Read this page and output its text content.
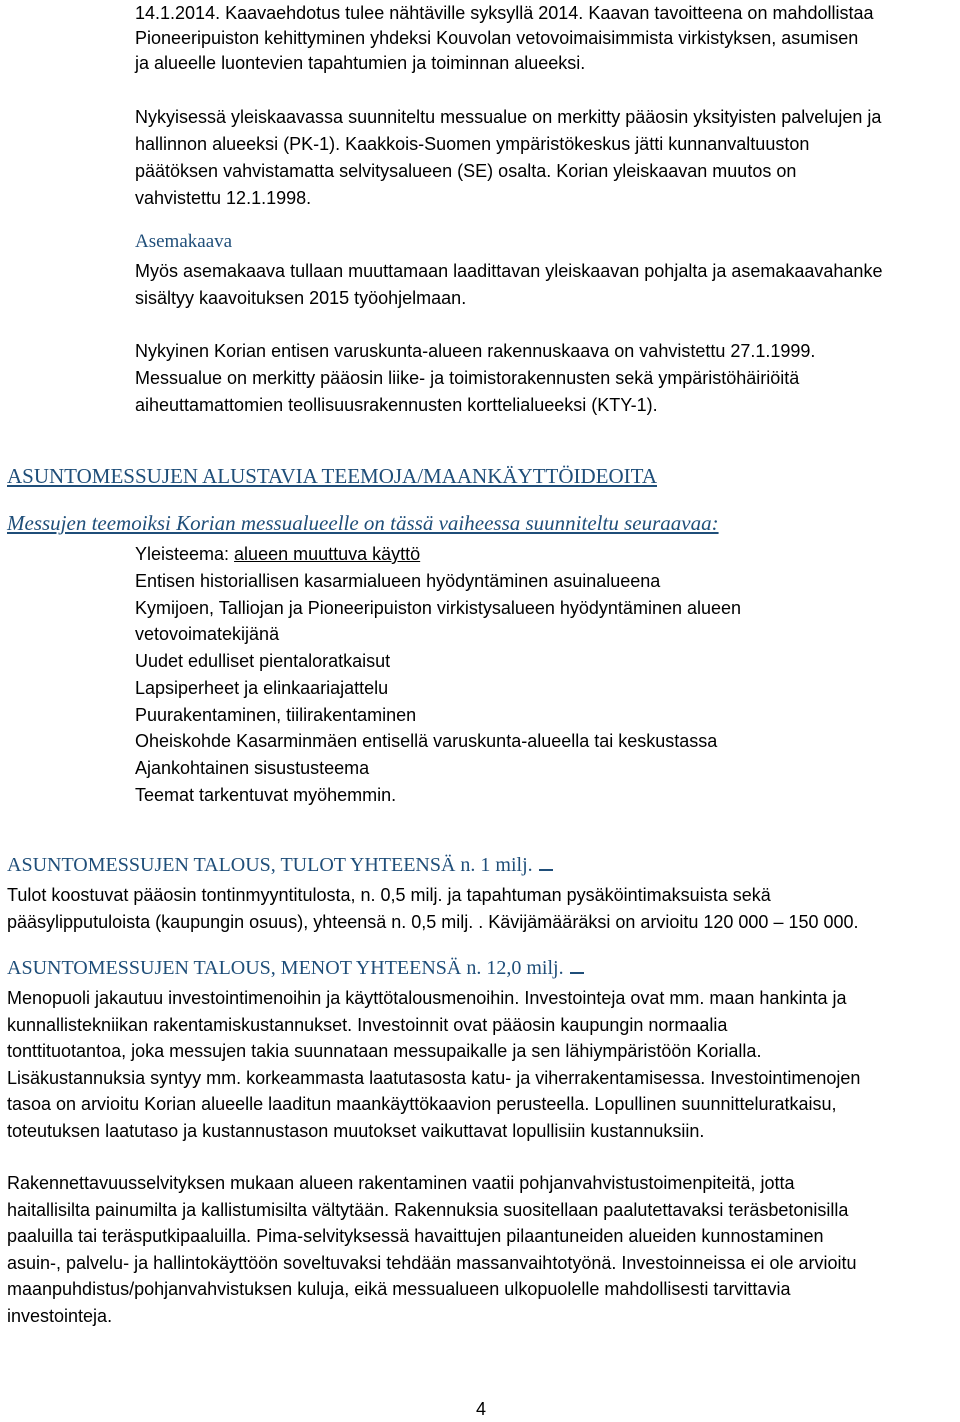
14.1.2014. Kaavaehdotus tulee nähtäville syksyllä 2014. Kaavan tavoitteena on mahdollistaa
Pioneeripuiston kehittyminen yhdeksi Kouvolan vetovoimaisimmista virkistyksen, asumisen
ja alueelle luontevien tapahtumien ja toiminnan alueeksi.
Nykyisessä yleiskaavassa suunniteltu messualue on merkitty pääosin yksityisten palvelujen ja
hallinnon alueeksi (PK-1). Kaakkois-Suomen ympäristökeskus jätti kunnanvaltuuston
päätöksen vahvistamatta selvitysalueen (SE) osalta. Korian yleiskaavan muutos on
vahvistettu 12.1.1998.
Asemakaava
Myös asemakaava tullaan muuttamaan laadittavan yleiskaavan pohjalta ja asemakaavahanke
sisältyy kaavoituksen 2015 työohjelmaan.
Nykyinen Korian entisen varuskunta-alueen rakennuskaava on vahvistettu 27.1.1999.
Messualue on merkitty pääosin liike- ja toimistorakennusten sekä ympäristöhäiriöitä
aiheuttamattomien teollisuusrakennusten korttelialueeksi (KTY-1).
ASUNTOMESSUJEN ALUSTAVIA TEEMOJA/MAANKÄYTTÖIDEOITA
Messujen teemoiksi Korian messualueelle on tässä vaiheessa suunniteltu seuraavaa:
Yleisteema: alueen muuttuva käyttö
Entisen historiallisen kasarmialueen hyödyntäminen asuinalueena
Kymijoen, Talliojan ja Pioneeripuiston virkistysalueen hyödyntäminen alueen
vetovoimatekijänä
Uudet edulliset pientaloratkaisut
Lapsiperheet ja elinkaariajattelu
Puurakentaminen, tiilirakentaminen
Oheiskohde Kasarminmäen entisellä varuskunta-alueella tai keskustassa
Ajankohtainen sisustusteema
Teemat tarkentuvat myöhemmin.
ASUNTOMESSUJEN TALOUS, TULOT YHTEENSÄ n. 1 milj.
Tulot koostuvat pääosin tontinmyyntitulosta, n. 0,5 milj. ja tapahtuman pysäköintimaksuista sekä
pääsylipputuloista (kaupungin osuus), yhteensä n. 0,5 milj. . Kävijämääräksi on arvioitu 120 000 – 150 000.
ASUNTOMESSUJEN TALOUS, MENOT YHTEENSÄ n. 12,0 milj.
Menopuoli jakautuu investointimenoihin ja käyttötalousmenoihin. Investointeja ovat mm. maan hankinta ja
kunnallistekniikan rakentamiskustannukset. Investoinnit ovat pääosin kaupungin normaalia
tonttituotantoa, joka messujen takia suunnataan messupaikalle ja sen lähiympäristöön Korialla.
Lisäkustannuksia syntyy mm. korkeammasta laatutasosta katu- ja viherrakentamisessa. Investointimenojen
tasoa on arvioitu Korian alueelle laaditun maankäyttökaavion perusteella. Lopullinen suunnitteluratkaisu,
toteutuksen laatutaso ja kustannustason muutokset vaikuttavat lopullisiin kustannuksiin.
Rakennettavuusselvityksen mukaan alueen rakentaminen vaatii pohjanvahvistustoimenpiteitä, jotta
haitallisilta painumilta ja kallistumisilta vältytään. Rakennuksia suositellaan paalutettavaksi teräsbetonisilla
paaluilla tai teräsputkipaaluilla. Pima-selvityksessä havaittujen pilaantuneiden alueiden kunnostaminen
asuin-, palvelu- ja hallintokäyttöön soveltuvaksi tehdään massanvaihtotyönä. Investoinneissa ei ole arvioitu
maanpuhdistus/pohjanvahvistuksen kuluja, eikä messualueen ulkopuolelle mahdollisesti tarvittavia
investointeja.
4
